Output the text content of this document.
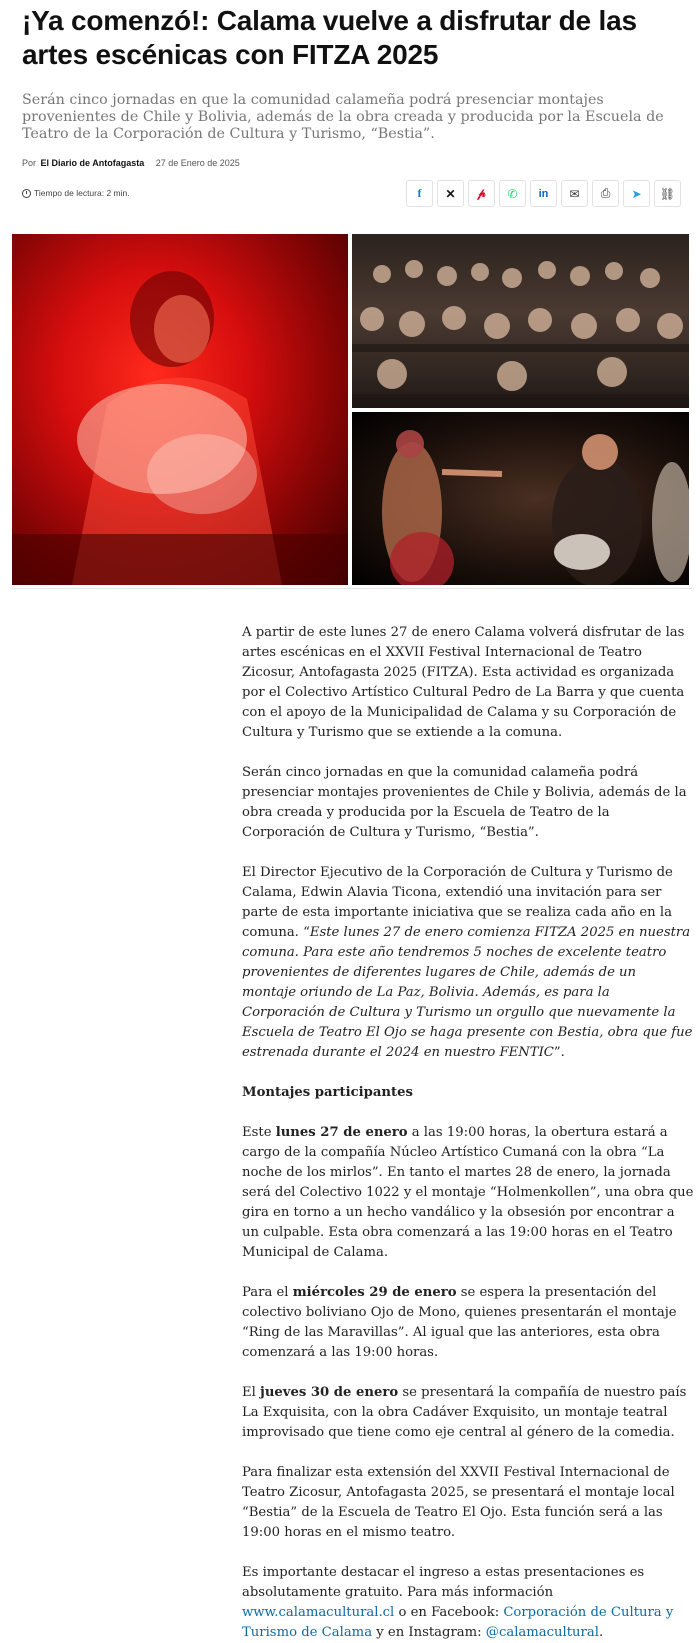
¡Ya comenzó!: Calama vuelve a disfrutar de las artes escénicas con FITZA 2025

Serán cinco jornadas en que la comunidad calameña podrá presenciar montajes provenientes de Chile y Bolivia, además de la obra creada y producida por la Escuela de Teatro de la Corporación de Cultura y Turismo, “Bestia”.

Por El Diario de Antofagasta 27 de Enero de 2025
Tiempo de lectura: 2 min.	f ✕ 𝓅 ✆ in ✉ ⎙ ➤ ⛓

A partir de este lunes 27 de enero Calama volverá disfrutar de las artes escénicas en el XXVII Festival Internacional de Teatro Zicosur, Antofagasta 2025 (FITZA). Esta actividad es organizada por el Colectivo Artístico Cultural Pedro de La Barra y que cuenta con el apoyo de la Municipalidad de Calama y su Corporación de Cultura y Turismo que se extiende a la comuna.

Serán cinco jornadas en que la comunidad calameña podrá presenciar montajes provenientes de Chile y Bolivia, además de la obra creada y producida por la Escuela de Teatro de la Corporación de Cultura y Turismo, “Bestia”.

El Director Ejecutivo de la Corporación de Cultura y Turismo de Calama, Edwin Alavia Ticona, extendió una invitación para ser parte de esta importante iniciativa que se realiza cada año en la comuna. “Este lunes 27 de enero comienza FITZA 2025 en nuestra comuna. Para este año tendremos 5 noches de excelente teatro provenientes de diferentes lugares de Chile, además de un montaje oriundo de La Paz, Bolivia. Además, es para la Corporación de Cultura y Turismo un orgullo que nuevamente la Escuela de Teatro El Ojo se haga presente con Bestia, obra que fue estrenada durante el 2024 en nuestro FENTIC”.

Montajes participantes

Este lunes 27 de enero a las 19:00 horas, la obertura estará a cargo de la compañía Núcleo Artístico Cumaná con la obra “La noche de los mirlos”. En tanto el martes 28 de enero, la jornada será del Colectivo 1022 y el montaje “Holmenkollen”, una obra que gira en torno a un hecho vandálico y la obsesión por encontrar a un culpable. Esta obra comenzará a las 19:00 horas en el Teatro Municipal de Calama.

Para el miércoles 29 de enero se espera la presentación del colectivo boliviano Ojo de Mono, quienes presentarán el montaje “Ring de las Maravillas”. Al igual que las anteriores, esta obra comenzará a las 19:00 horas.

El jueves 30 de enero se presentará la compañía de nuestro país La Exquisita, con la obra Cadáver Exquisito, un montaje teatral improvisado que tiene como eje central al género de la comedia.

Para finalizar esta extensión del XXVII Festival Internacional de Teatro Zicosur, Antofagasta 2025, se presentará el montaje local “Bestia” de la Escuela de Teatro El Ojo. Esta función será a las 19:00 horas en el mismo teatro.

Es importante destacar el ingreso a estas presentaciones es absolutamente gratuito. Para más información www.calamacultural.cl o en Facebook: Corporación de Cultura y Turismo de Calama y en Instagram: @calamacultural.
